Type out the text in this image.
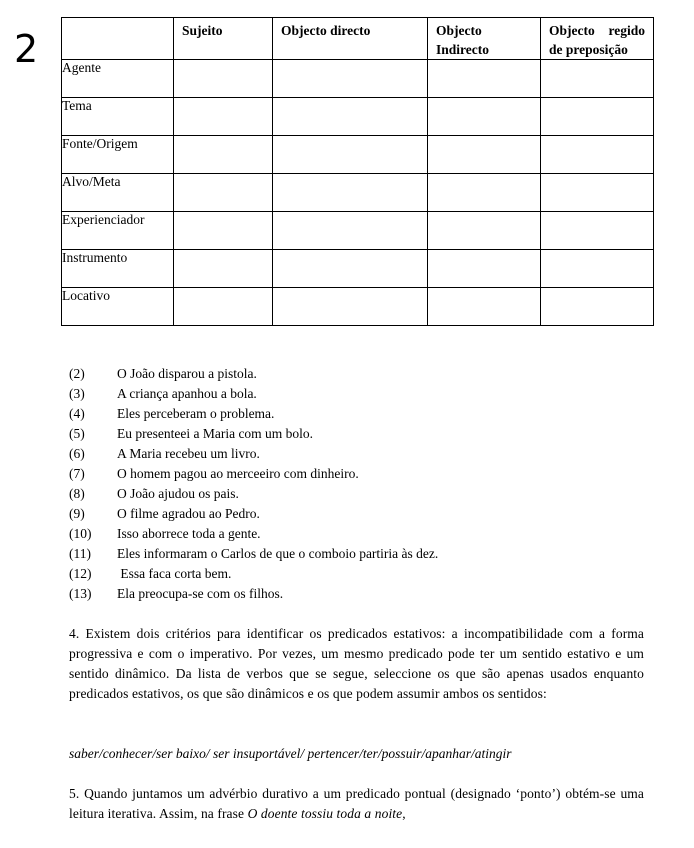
2
		Sujeito	Objecto directo	Objecto Indirecto	Objecto regido de preposição
Agente				
Tema				
Fonte/Origem				
Alvo/Meta				
Experienciador				
Instrumento				
Locativo				
(2) O João disparou a pistola.
(3) A criança apanhou a bola.
(4) Eles perceberam o problema.
(5) Eu presenteei a Maria com um bolo.
(6) A Maria recebeu um livro.
(7) O homem pagou ao merceeiro com dinheiro.
(8) O João ajudou os pais.
(9) O filme agradou ao Pedro.
(10) Isso aborrece toda a gente.
(11) Eles informaram o Carlos de que o comboio partiria às dez.
(12) Essa faca corta bem.
(13) Ela preocupa-se com os filhos.
4. Existem dois critérios para identificar os predicados estativos: a incompatibilidade com a forma progressiva e com o imperativo. Por vezes, um mesmo predicado pode ter um sentido estativo e um sentido dinâmico. Da lista de verbos que se segue, seleccione os que são apenas usados enquanto predicados estativos, os que são dinâmicos e os que podem assumir ambos os sentidos:
saber/conhecer/ser baixo/ ser insuportável/ pertencer/ter/possuir/apanhar/atingir
5. Quando juntamos um advérbio durativo a um predicado pontual (designado ‘ponto’) obtém-se uma leitura iterativa. Assim, na frase O doente tossiu toda a noite,
